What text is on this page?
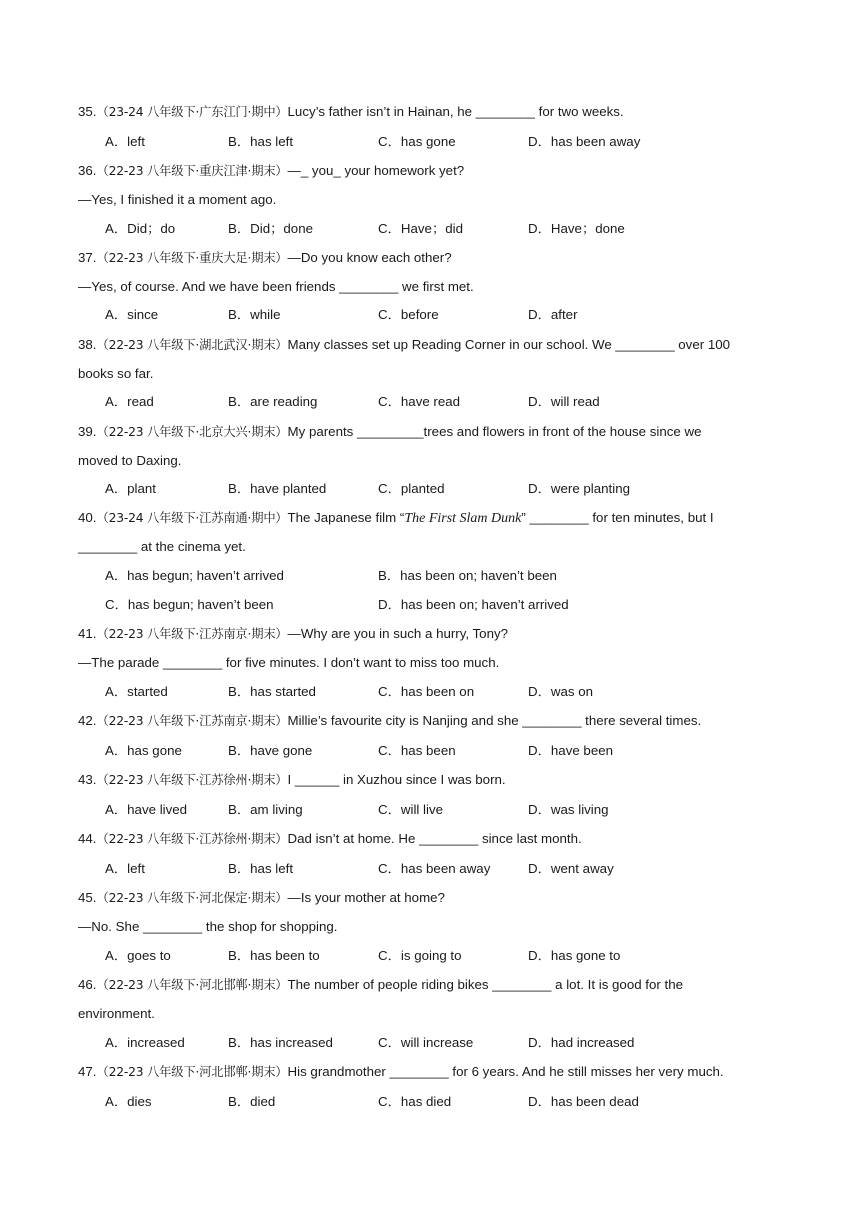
35.（23-24 八年级下·广东江门·期中）Lucy’s father isn’t in Hainan, he ________ for two weeks.
A．left	B．has left	C．has gone	D．has been away
36.（22-23 八年级下·重庆江津·期末）—_ you_ your homework yet?
—Yes, I finished it a moment ago.
A．Did；do	B．Did；done	C．Have；did	D．Have；done
37.（22-23 八年级下·重庆大足·期末）—Do you know each other?
—Yes, of course. And we have been friends ________ we first met.
A．since	B．while	C．before	D．after
38.（22-23 八年级下·湖北武汉·期末）Many classes set up Reading Corner in our school. We ________ over 100
books so far.
A．read	B．are reading	C．have read	D．will read
39.（22-23 八年级下·北京大兴·期末）My parents _________trees and flowers in front of the house since we
moved to Daxing.
A．plant	B．have planted	C．planted	D．were planting
40.（23-24 八年级下·江苏南通·期中）The Japanese film “The First Slam Dunk” ________ for ten minutes, but I
________ at the cinema yet.
A．has begun; haven’t arrived	B．has been on; haven’t been
C．has begun; haven’t been	D．has been on; haven’t arrived
41.（22-23 八年级下·江苏南京·期末）—Why are you in such a hurry, Tony?
—The parade ________ for five minutes. I don’t want to miss too much.
A．started	B．has started	C．has been on	D．was on
42.（22-23 八年级下·江苏南京·期末）Millie’s favourite city is Nanjing and she ________ there several times.
A．has gone	B．have gone	C．has been	D．have been
43.（22-23 八年级下·江苏徐州·期末）I ______ in Xuzhou since I was born.
A．have lived	B．am living	C．will live	D．was living
44.（22-23 八年级下·江苏徐州·期末）Dad isn’t at home. He ________ since last month.
A．left	B．has left	C．has been away	D．went away
45.（22-23 八年级下·河北保定·期末）—Is your mother at home?
—No. She ________ the shop for shopping.
A．goes to	B．has been to	C．is going to	D．has gone to
46.（22-23 八年级下·河北邯郸·期末）The number of people riding bikes ________ a lot. It is good for the
environment.
A．increased	B．has increased	C．will increase	D．had increased
47.（22-23 八年级下·河北邯郸·期末）His grandmother ________ for 6 years. And he still misses her very much.
A．dies	B．died	C．has died	D．has been dead
